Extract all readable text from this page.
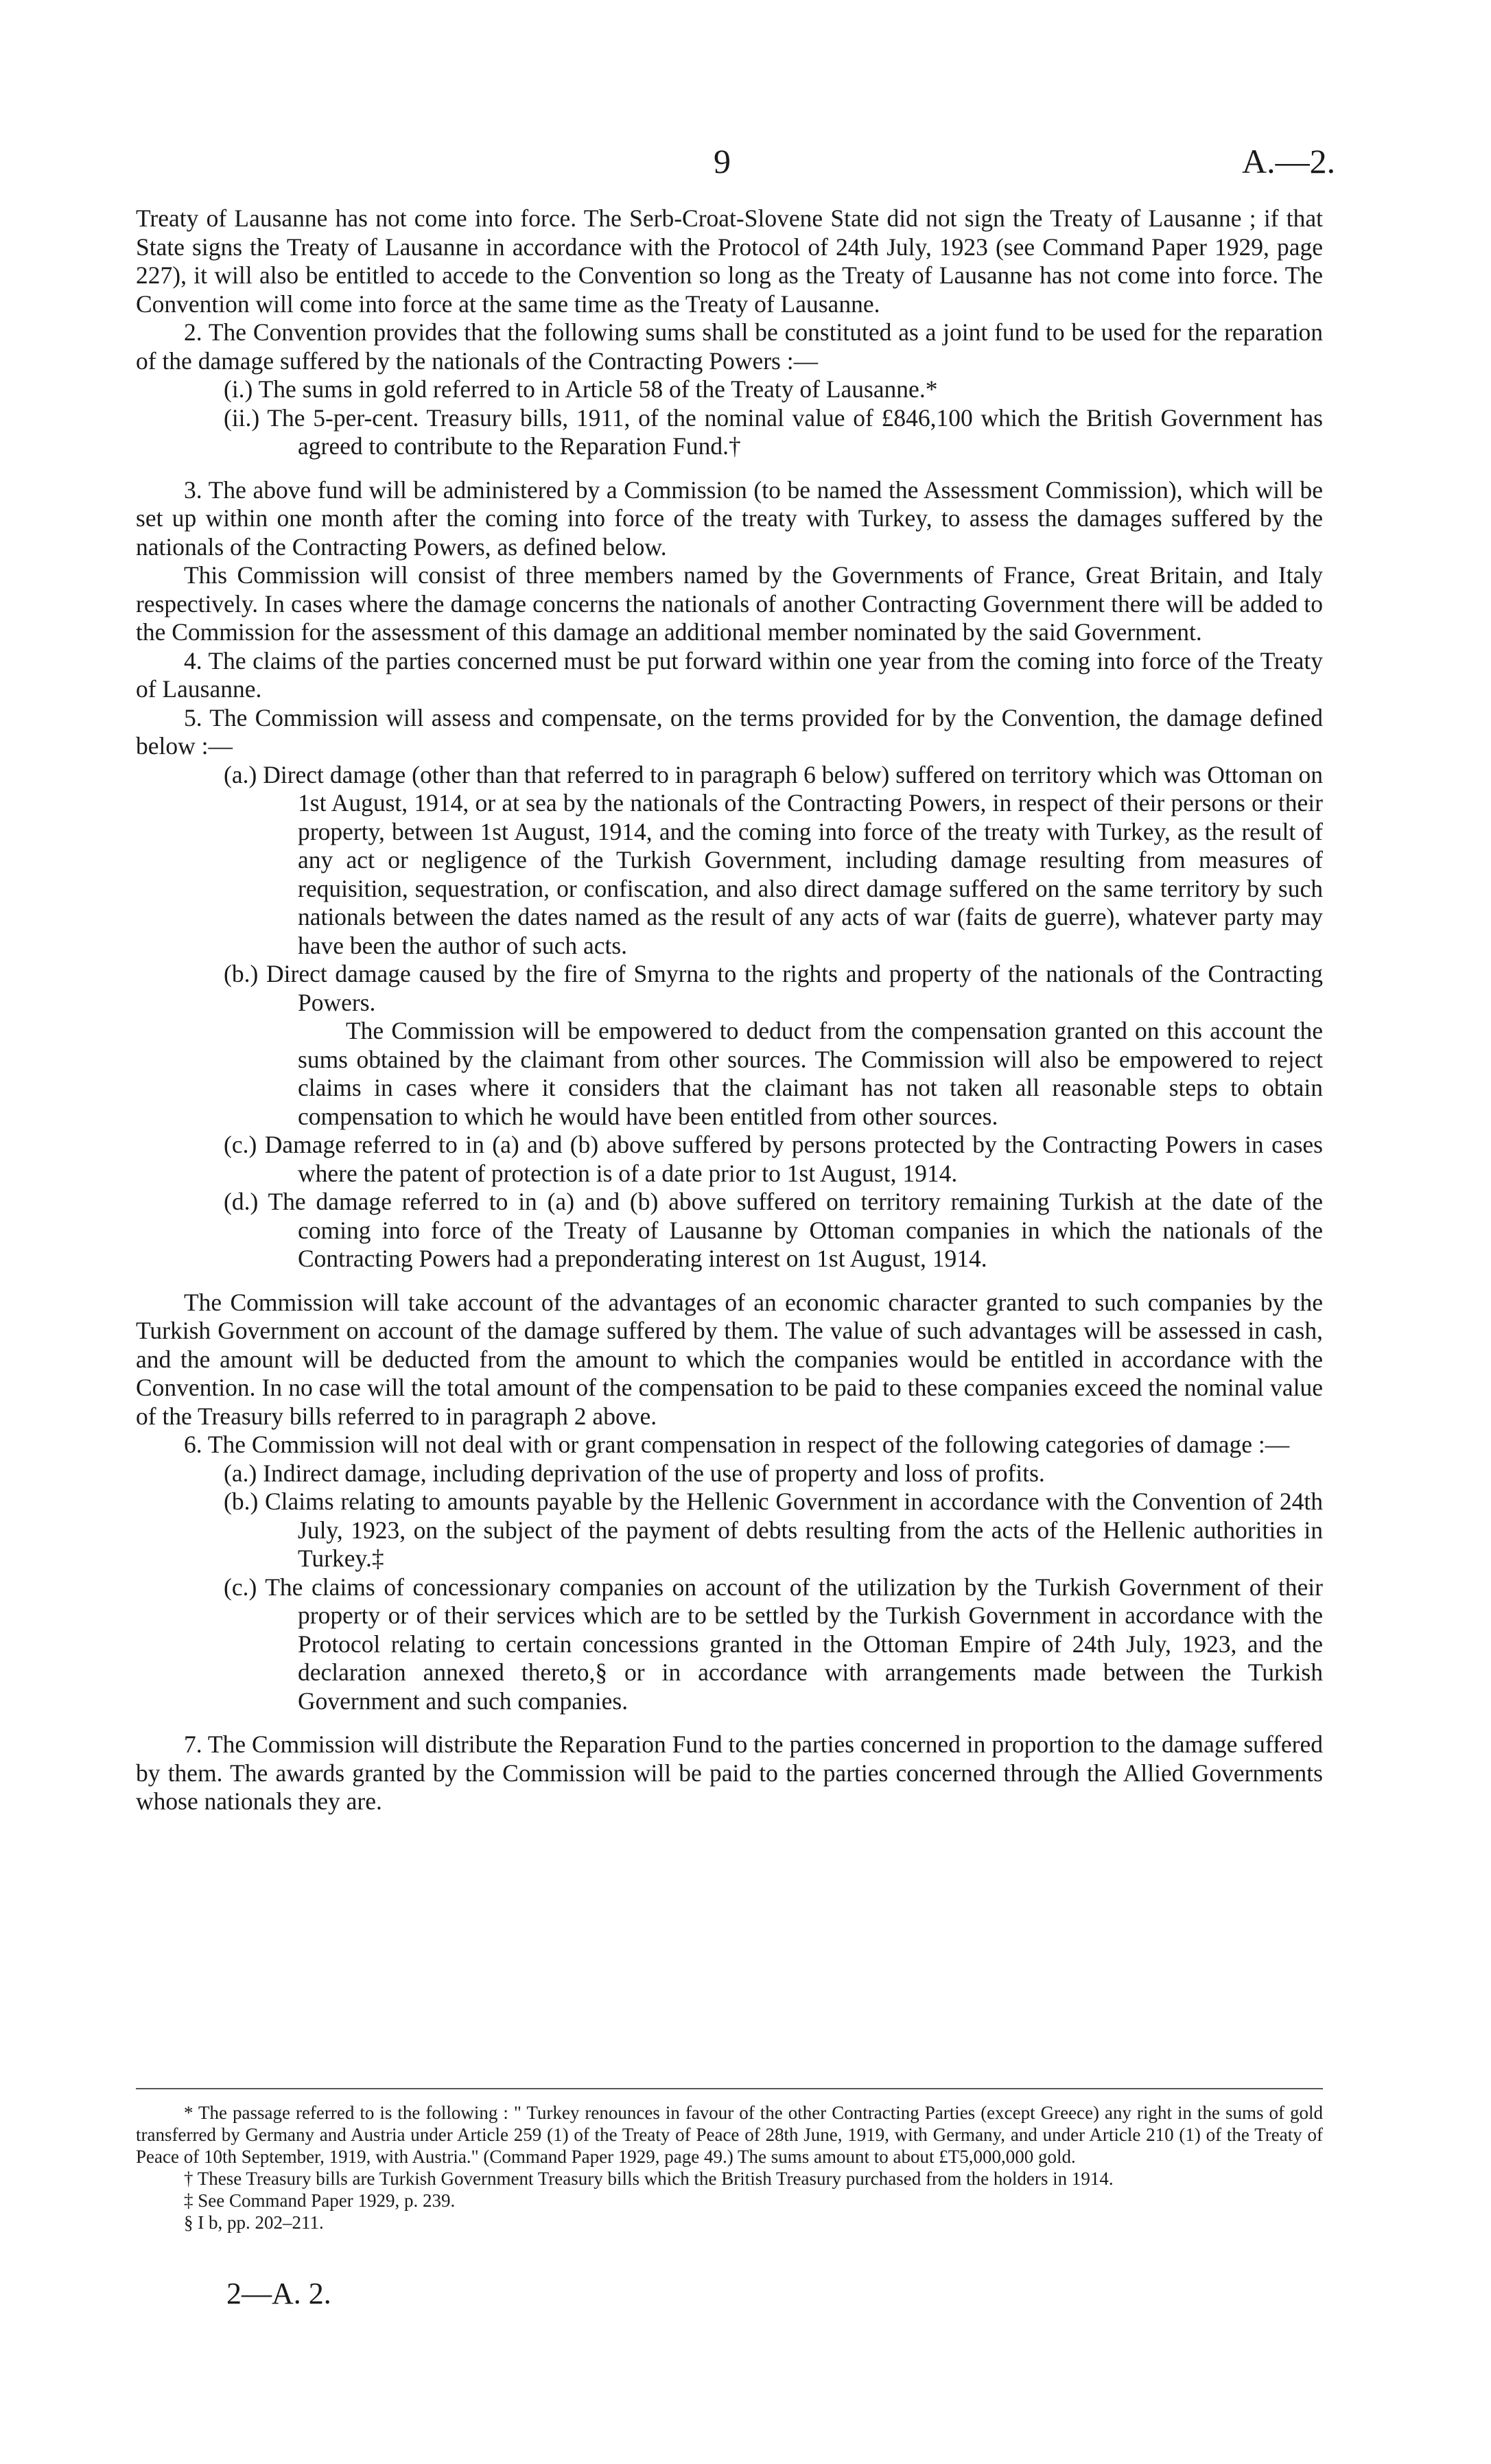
9	A.—2.

Treaty of Lausanne has not come into force. The Serb-Croat-Slovene State did not sign the Treaty of Lausanne ; if that State signs the Treaty of Lausanne in accordance with the Protocol of 24th July, 1923 (see Command Paper 1929, page 227), it will also be entitled to accede to the Convention so long as the Treaty of Lausanne has not come into force. The Convention will come into force at the same time as the Treaty of Lausanne.

2. The Convention provides that the following sums shall be constituted as a joint fund to be used for the reparation of the damage suffered by the nationals of the Contracting Powers :—

(i.) The sums in gold referred to in Article 58 of the Treaty of Lausanne.*

(ii.) The 5-per-cent. Treasury bills, 1911, of the nominal value of £846,100 which the British Government has agreed to contribute to the Reparation Fund.†

3. The above fund will be administered by a Commission (to be named the Assessment Commission), which will be set up within one month after the coming into force of the treaty with Turkey, to assess the damages suffered by the nationals of the Contracting Powers, as defined below.

This Commission will consist of three members named by the Governments of France, Great Britain, and Italy respectively. In cases where the damage concerns the nationals of another Contracting Government there will be added to the Commission for the assessment of this damage an additional member nominated by the said Government.

4. The claims of the parties concerned must be put forward within one year from the coming into force of the Treaty of Lausanne.

5. The Commission will assess and compensate, on the terms provided for by the Convention, the damage defined below :—

(a.) Direct damage (other than that referred to in paragraph 6 below) suffered on territory which was Ottoman on 1st August, 1914, or at sea by the nationals of the Contracting Powers, in respect of their persons or their property, between 1st August, 1914, and the coming into force of the treaty with Turkey, as the result of any act or negligence of the Turkish Government, including damage resulting from measures of requisition, sequestration, or confiscation, and also direct damage suffered on the same territory by such nationals between the dates named as the result of any acts of war (faits de guerre), whatever party may have been the author of such acts.

(b.) Direct damage caused by the fire of Smyrna to the rights and property of the nationals of the Contracting Powers.

The Commission will be empowered to deduct from the compensation granted on this account the sums obtained by the claimant from other sources. The Commission will also be empowered to reject claims in cases where it considers that the claimant has not taken all reasonable steps to obtain compensation to which he would have been entitled from other sources.

(c.) Damage referred to in (a) and (b) above suffered by persons protected by the Contracting Powers in cases where the patent of protection is of a date prior to 1st August, 1914.

(d.) The damage referred to in (a) and (b) above suffered on territory remaining Turkish at the date of the coming into force of the Treaty of Lausanne by Ottoman companies in which the nationals of the Contracting Powers had a preponderating interest on 1st August, 1914.

The Commission will take account of the advantages of an economic character granted to such companies by the Turkish Government on account of the damage suffered by them. The value of such advantages will be assessed in cash, and the amount will be deducted from the amount to which the companies would be entitled in accordance with the Convention. In no case will the total amount of the compensation to be paid to these companies exceed the nominal value of the Treasury bills referred to in paragraph 2 above.

6. The Commission will not deal with or grant compensation in respect of the following categories of damage :—

(a.) Indirect damage, including deprivation of the use of property and loss of profits.

(b.) Claims relating to amounts payable by the Hellenic Government in accordance with the Convention of 24th July, 1923, on the subject of the payment of debts resulting from the acts of the Hellenic authorities in Turkey.‡

(c.) The claims of concessionary companies on account of the utilization by the Turkish Government of their property or of their services which are to be settled by the Turkish Government in accordance with the Protocol relating to certain concessions granted in the Ottoman Empire of 24th July, 1923, and the declaration annexed thereto,§ or in accordance with arrangements made between the Turkish Government and such companies.

7. The Commission will distribute the Reparation Fund to the parties concerned in proportion to the damage suffered by them. The awards granted by the Commission will be paid to the parties concerned through the Allied Governments whose nationals they are.

* The passage referred to is the following : " Turkey renounces in favour of the other Contracting Parties (except Greece) any right in the sums of gold transferred by Germany and Austria under Article 259 (1) of the Treaty of Peace of 28th June, 1919, with Germany, and under Article 210 (1) of the Treaty of Peace of 10th September, 1919, with Austria." (Command Paper 1929, page 49.) The sums amount to about £T5,000,000 gold.

† These Treasury bills are Turkish Government Treasury bills which the British Treasury purchased from the holders in 1914.

‡ See Command Paper 1929, p. 239.

§ I b, pp. 202–211.

2—A. 2.
